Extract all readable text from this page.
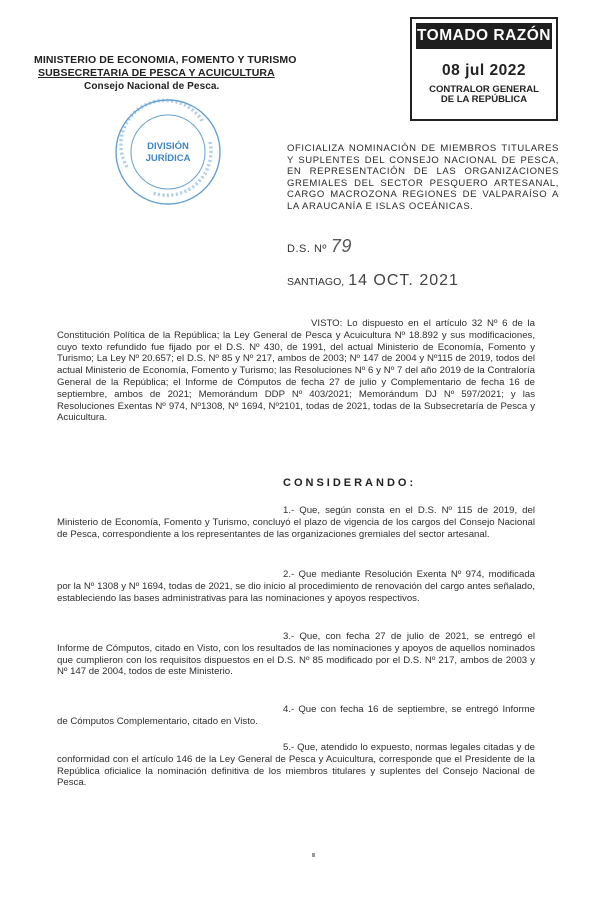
MINISTERIO DE ECONOMIA, FOMENTO Y TURISMO
SUBSECRETARIA DE PESCA Y ACUICULTURA
Consejo Nacional de Pesca.
TOMADO RAZÓN
08 jul 2022
CONTRALOR GENERAL
DE LA REPÚBLICA
DIVISIÓN
JURÍDICA
OFICIALIZA NOMINACIÓN DE MIEMBROS TITULARES Y SUPLENTES DEL CONSEJO NACIONAL DE PESCA, EN REPRESENTACIÓN DE LAS ORGANIZACIONES GREMIALES DEL SECTOR PESQUERO ARTESANAL, CARGO MACROZONA REGIONES DE VALPARAÍSO A LA ARAUCANÍA E ISLAS OCEÁNICAS.
D.S. Nº 79
SANTIAGO, 14 OCT. 2021
VISTO: Lo dispuesto en el artículo 32 Nº 6 de la Constitución Política de la República; la Ley General de Pesca y Acuicultura Nº 18.892 y sus modificaciones, cuyo texto refundido fue fijado por el D.S. Nº 430, de 1991, del actual Ministerio de Economía, Fomento y Turismo; La Ley Nº 20.657; el D.S. Nº 85 y Nº 217, ambos de 2003; Nº 147 de 2004 y Nº115 de 2019, todos del actual Ministerio de Economía, Fomento y Turismo; las Resoluciones Nº 6 y Nº 7 del año 2019 de la Contraloría General de la República; el Informe de Cómputos de fecha 27 de julio y Complementario de fecha 16 de septiembre, ambos de 2021; Memorándum DDP Nº 403/2021; Memorándum DJ Nº 597/2021; y las Resoluciones Exentas Nº 974, Nº1308, Nº 1694, Nº2101, todas de 2021, todas de la Subsecretaría de Pesca y Acuicultura.
CONSIDERANDO:
1.- Que, según consta en el D.S. Nº 115 de 2019, del Ministerio de Economía, Fomento y Turismo, concluyó el plazo de vigencia de los cargos del Consejo Nacional de Pesca, correspondiente a los representantes de las organizaciones gremiales del sector artesanal.
2.- Que mediante Resolución Exenta Nº 974, modificada por la Nº 1308 y Nº 1694, todas de 2021, se dio inicio al procedimiento de renovación del cargo antes señalado, estableciendo las bases administrativas para las nominaciones y apoyos respectivos.
3.- Que, con fecha 27 de julio de 2021, se entregó el Informe de Cómputos, citado en Visto, con los resultados de las nominaciones y apoyos de aquellos nominados que cumplieron con los requisitos dispuestos en el D.S. Nº 85 modificado por el D.S. Nº 217, ambos de 2003 y Nº 147 de 2004, todos de este Ministerio.
4.- Que con fecha 16 de septiembre, se entregó Informe de Cómputos Complementario, citado en Visto.
5.- Que, atendido lo expuesto, normas legales citadas y de conformidad con el artículo 146 de la Ley General de Pesca y Acuicultura, corresponde que el Presidente de la República oficialice la nominación definitiva de los miembros titulares y suplentes del Consejo Nacional de Pesca.
